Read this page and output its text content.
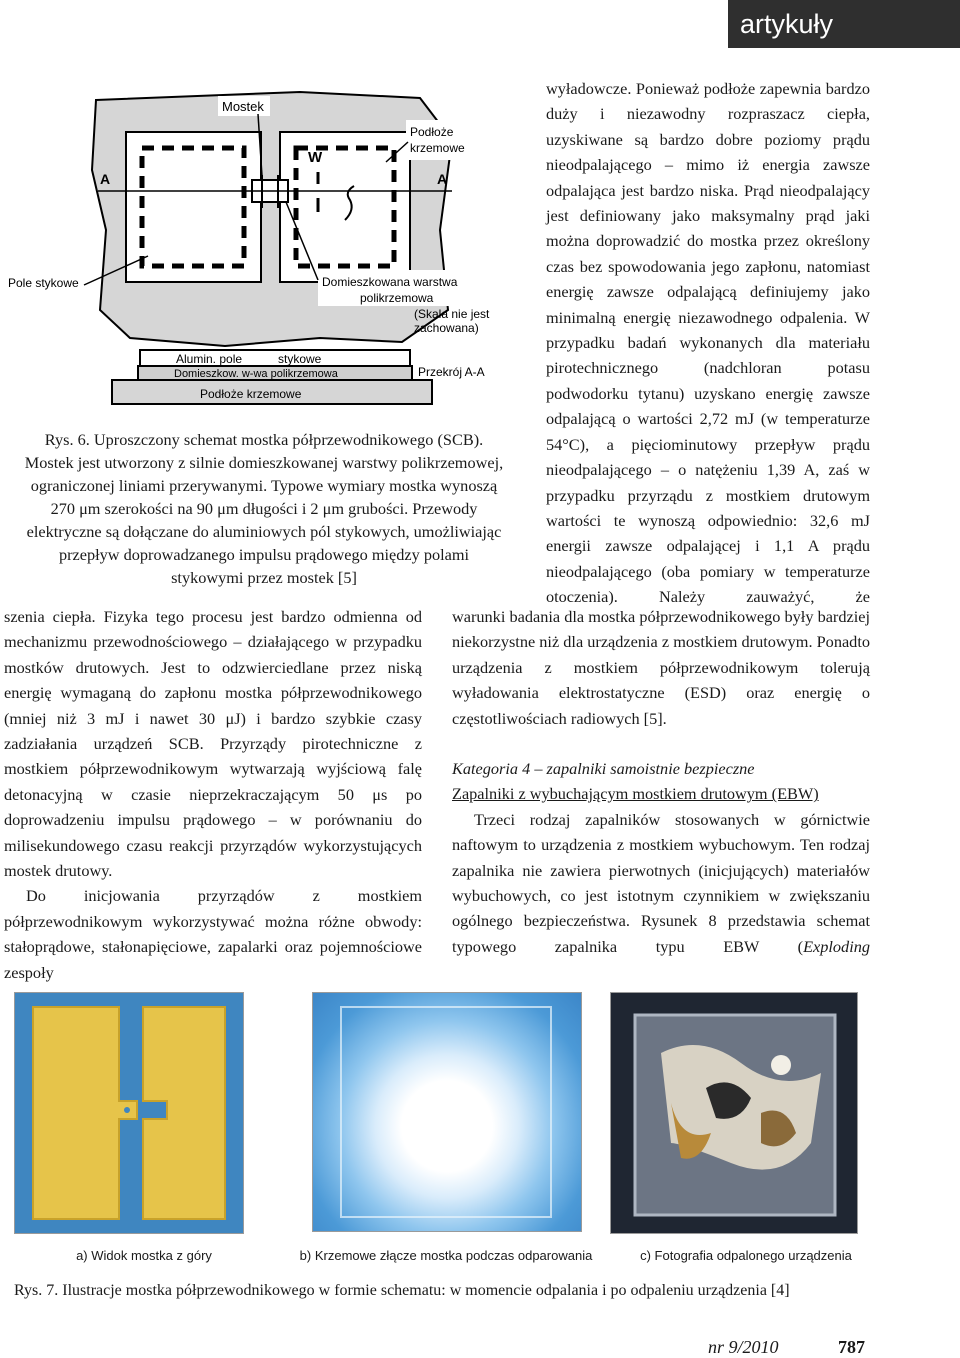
artykuły
A	A
Mostek
W
Podłoże
krzemowe
Pole stykowe	Domieszkowana warstwa
polikrzemowa
(Skala nie jest
zachowana)
Alumin. pole	stykowe
Domieszkow. w-wa polikrzemowa	Przekrój A-A
Podłoże krzemowe
Rys. 6. Uproszczony schemat mostka półprzewodnikowego (SCB).
Mostek jest utworzony z silnie domieszkowanej warstwy polikrzemowej,
ograniczonej liniami przerywanymi. Typowe wymiary mostka wynoszą
270 μm szerokości na 90 μm długości i 2 μm grubości. Przewody
elektryczne są dołączane do aluminiowych pól stykowych, umożliwiając
przepływ doprowadzanego impulsu prądowego między polami
stykowymi przez mostek [5]

wyładowcze. Ponieważ podłoże zapewnia bardzo duży i niezawodny rozpraszacz ciepła, uzyskiwane są bardzo dobre poziomy prądu nieodpalającego – mimo iż energia zawsze odpalająca jest bardzo niska. Prąd nieodpalający jest definiowany jako maksymalny prąd jaki można doprowadzić do mostka przez określony czas bez spowodowania jego zapłonu, natomiast energię zawsze odpalającą definiujemy jako minimalną energię niezawodnego odpalenia. W przypadku badań wykonanych dla materiału pirotechnicznego (nadchloran potasu podwodorku tytanu) uzyskano energię zawsze odpalającą o wartości 2,72 mJ (w temperaturze 54°C), a pięciominutowy przepływ prądu nieodpalającego – o natężeniu 1,39 A, zaś w przypadku przyrządu z mostkiem drutowym wartości te wynoszą odpowiednio: 32,6 mJ energii zawsze odpalającej i 1,1 A prądu nieodpalającego (oba pomiary w temperaturze otoczenia). Należy zauważyć, że

warunki badania dla mostka półprzewodnikowego były bardziej niekorzystne niż dla urządzenia z mostkiem drutowym. Ponadto urządzenia z mostkiem półprzewodnikowym tolerują wyładowania elektrostatyczne (ESD) oraz energię o częstotliwościach radiowych [5].

Kategoria 4 – zapalniki samoistnie bezpieczne

Zapalniki z wybuchającym mostkiem drutowym (EBW)

Trzeci rodzaj zapalników stosowanych w górnictwie naftowym to urządzenia z mostkiem wybuchowym. Ten rodzaj zapalnika nie zawiera pierwotnych (inicjujących) materiałów wybuchowych, co jest istotnym czynnikiem w zwiększaniu ogólnego bezpieczeństwa. Rysunek 8 przedstawia schemat typowego zapalnika typu EBW (Exploding

szenia ciepła. Fizyka tego procesu jest bardzo odmienna od mechanizmu przewodnościowego – działającego w przypadku mostków drutowych. Jest to odzwierciedlane przez niską energię wymaganą do zapłonu mostka półprzewodnikowego (mniej niż 3 mJ i nawet 30 μJ) i bardzo szybkie czasy zadziałania urządzeń SCB. Przyrządy pirotechniczne z mostkiem półprzewodnikowym wytwarzają wyjściową falę detonacyjną w czasie nieprzekraczającym 50 μs po doprowadzeniu impulsu prądowego – w porównaniu do milisekundowego czasu reakcji przyrządów wykorzystujących mostek drutowy.

Do inicjowania przyrządów z mostkiem półprzewodnikowym wykorzystywać można różne obwody: stałoprądowe, stałonapięciowe, zapalarki oraz pojemnościowe zespoły

a) Widok mostka z góry	b) Krzemowe złącze mostka podczas odparowania	c) Fotografia odpalonego urządzenia
Rys. 7. Ilustracje mostka półprzewodnikowego w formie schematu: w momencie odpalania i po odpaleniu urządzenia [4]
nr 9/2010	787
